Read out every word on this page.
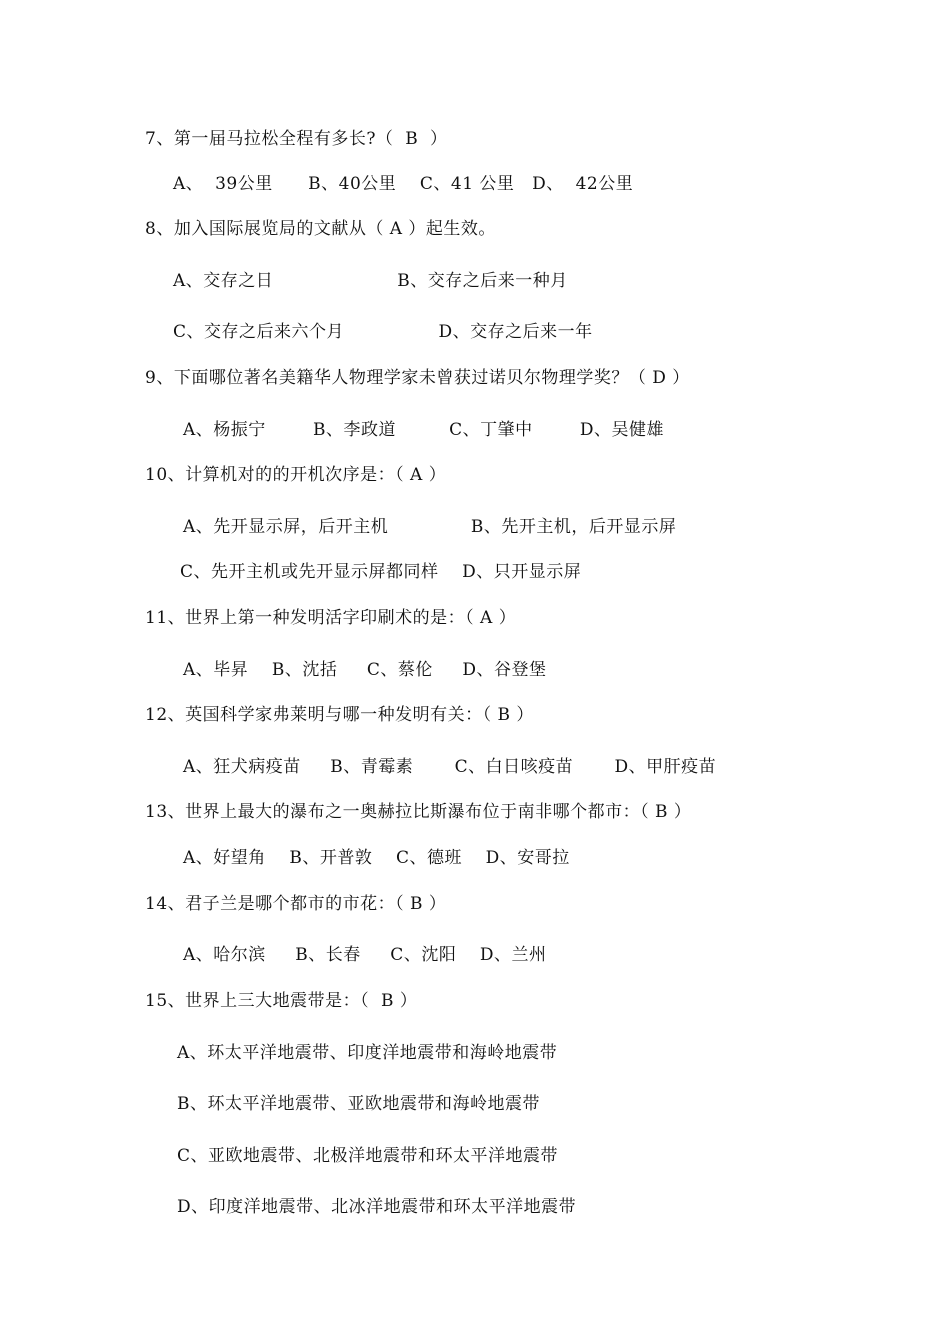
7、第一届马拉松全程有多长?（  B  ）
A、  39公里      B、40公里    C、41 公里   D、  42公里
8、加入国际展览局的文献从（ A ）起生效。
A、交存之日                     B、交存之后来一种月
C、交存之后来六个月                D、交存之后来一年
9、下面哪位著名美籍华人物理学家未曾获过诺贝尔物理学奖？（ D ）
A、杨振宁        B、李政道         C、丁肇中        D、吴健雄
10、计算机对的的开机次序是：（ A ）
A、先开显示屏，后开主机              B、先开主机，后开显示屏
C、先开主机或先开显示屏都同样    D、只开显示屏
11、世界上第一种发明活字印刷术的是：（ A ）
A、毕昇    B、沈括     C、蔡伦     D、谷登堡
12、英国科学家弗莱明与哪一种发明有关：（ B ）
A、狂犬病疫苗     B、青霉素       C、白日咳疫苗       D、甲肝疫苗
13、世界上最大的瀑布之一奥赫拉比斯瀑布位于南非哪个都市：（ B ）
A、好望角    B、开普敦    C、德班    D、安哥拉
14、君子兰是哪个都市的市花：（ B ）
A、哈尔滨     B、长春     C、沈阳    D、兰州
15、世界上三大地震带是：（  B ）
A、环太平洋地震带、印度洋地震带和海岭地震带
B、环太平洋地震带、亚欧地震带和海岭地震带
C、亚欧地震带、北极洋地震带和环太平洋地震带
D、印度洋地震带、北冰洋地震带和环太平洋地震带
